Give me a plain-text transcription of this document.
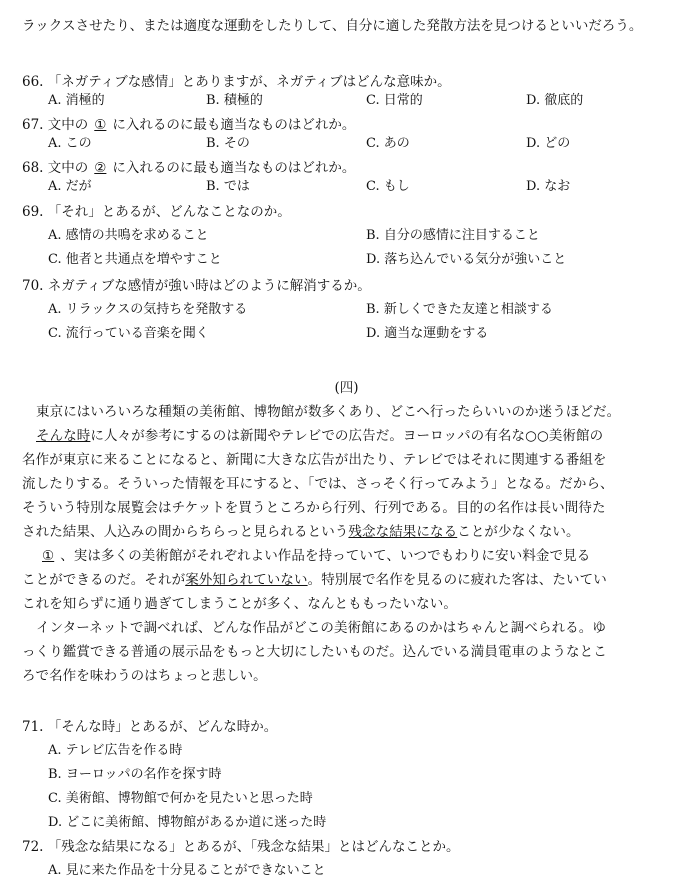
ラックスさせたり、または適度な運動をしたりして、自分に適した発散方法を見つけるといいだろう。
66. 「ネガティブな感情」とありますが、ネガティブはどんな意味か。
A. 消極的	B. 積極的	C. 日常的	D. 徹底的
67. 文中の ① に入れるのに最も適当なものはどれか。
A. この	B. その	C. あの	D. どの
68. 文中の ② に入れるのに最も適当なものはどれか。
A. だが	B. では	C. もし	D. なお
69. 「それ」とあるが、どんなことなのか。
A. 感情の共鳴を求めること	B. 自分の感情に注目すること
C. 他者と共通点を増やすこと	D. 落ち込んでいる気分が強いこと
70. ネガティブな感情が強い時はどのように解消するか。
A. リラックスの気持ちを発散する	B. 新しくできた友達と相談する
C. 流行っている音楽を聞く	D. 適当な運動をする
(四)
東京にはいろいろな種類の美術館、博物館が数多くあり、どこへ行ったらいいのか迷うほどだ。
そんな時に人々が参考にするのは新聞やテレビでの広告だ。ヨーロッパの有名な○○美術館の
名作が東京に来ることになると、新聞に大きな広告が出たり、テレビではそれに関連する番組を
流したりする。そういった情報を耳にすると、「では、さっそく行ってみよう」となる。だから、
そういう特別な展覧会はチケットを買うところから行列、行列である。目的の名作は長い間待た
された結果、人込みの間からちらっと見られるという残念な結果になることが少なくない。
① 、実は多くの美術館がそれぞれよい作品を持っていて、いつでもわりに安い料金で見る
ことができるのだ。それが案外知られていない。特別展で名作を見るのに疲れた客は、たいてい
これを知らずに通り過ぎてしまうことが多く、なんとももったいない。
インターネットで調べれば、どんな作品がどこの美術館にあるのかはちゃんと調べられる。ゆ
っくり鑑賞できる普通の展示品をもっと大切にしたいものだ。込んでいる満員電車のようなとこ
ろで名作を味わうのはちょっと悲しい。
71. 「そんな時」とあるが、どんな時か。
A. テレビ広告を作る時
B. ヨーロッパの名作を探す時
C. 美術館、博物館で何かを見たいと思った時
D. どこに美術館、博物館があるか道に迷った時
72. 「残念な結果になる」とあるが、「残念な結果」とはどんなことか。
A. 見に来た作品を十分見ることができないこと
